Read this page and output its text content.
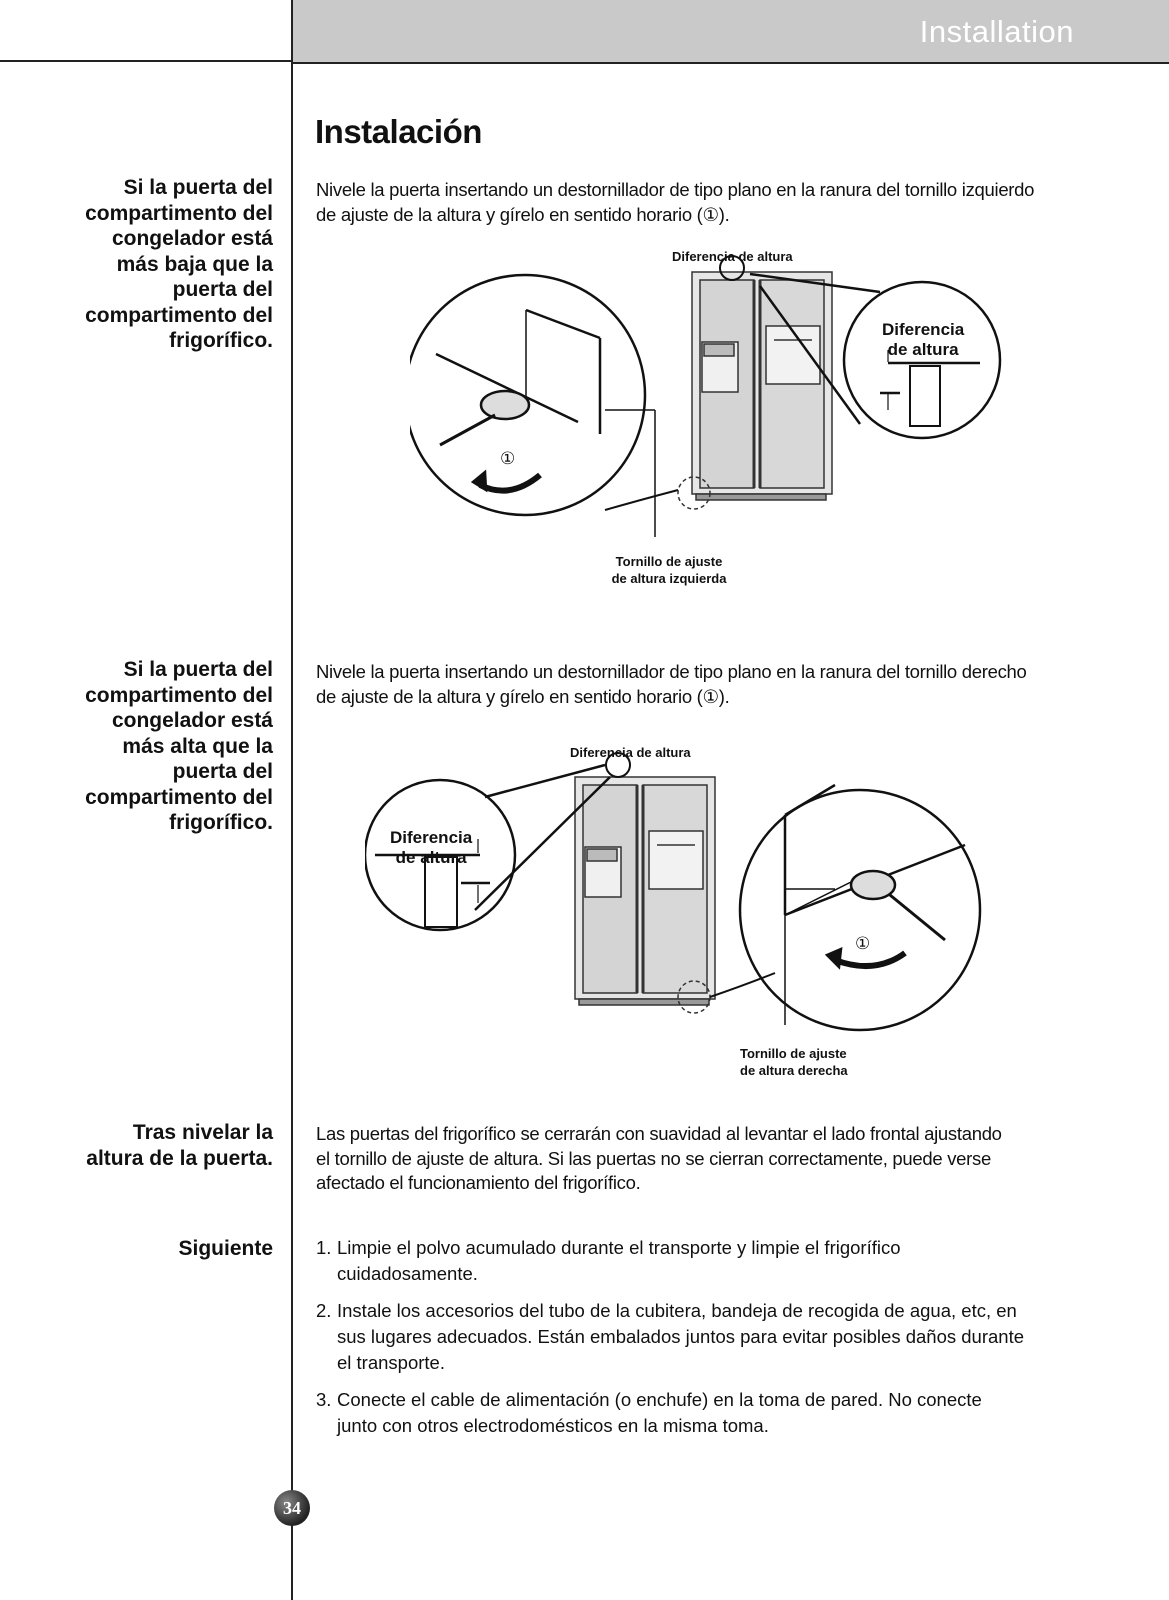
Installation
Instalación
Si la puerta del
compartimento del
congelador está
más baja que la
puerta del
compartimento del
frigorífico.
Nivele la puerta insertando un destornillador de tipo plano en la ranura del tornillo izquierdo
de ajuste de la altura y gírelo en sentido horario (①).
①
Diferencia de altura
Diferencia
de altura
Tornillo de ajuste
de altura izquierda
Si la puerta del
compartimento del
congelador está
más alta que la
puerta del
compartimento del
frigorífico.
Nivele la puerta insertando un destornillador de tipo plano en la ranura del tornillo derecho
de ajuste de la altura y gírelo en sentido horario (①).
①
Diferencia de altura
Diferencia
de altura
Tornillo de ajuste
de altura derecha
Tras nivelar la
altura de la puerta.
Las puertas del frigorífico se cerrarán con suavidad al levantar el lado frontal ajustando
el tornillo de ajuste de altura. Si las puertas no se cierran correctamente, puede verse
afectado el funcionamiento del frigorífico.
Siguiente 1. Limpie el polvo acumulado durante el transporte y limpie el frigorífico
cuidadosamente.
2. Instale los accesorios del tubo de la cubitera, bandeja de recogida de agua, etc, en
sus lugares adecuados. Están embalados juntos para evitar posibles daños durante
el transporte.
3. Conecte el cable de alimentación (o enchufe) en la toma de pared. No conecte
junto con otros electrodomésticos en la misma toma.
34
